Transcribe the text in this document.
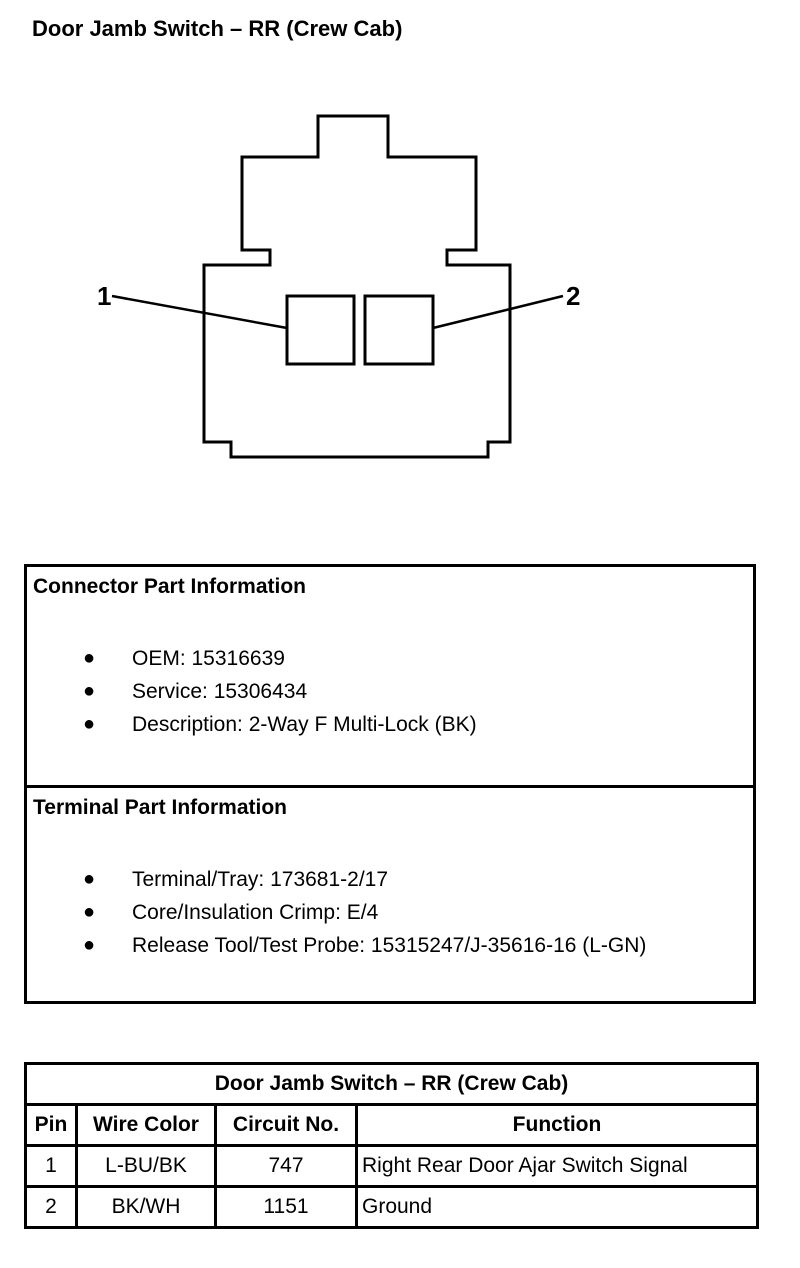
Door Jamb Switch – RR (Crew Cab)
1	2
Connector Part Information
● OEM: 15316639
● Service: 15306434
● Description: 2-Way F Multi-Lock (BK)
Terminal Part Information
● Terminal/Tray: 173681-2/17
● Core/Insulation Crimp: E/4
● Release Tool/Test Probe: 15315247/J-35616-16 (L-GN)
Door Jamb Switch – RR (Crew Cab)			
Pin	Wire Color	Circuit No.	Function
1	L-BU/BK	747	Right Rear Door Ajar Switch Signal
2	BK/WH	1151	Ground
